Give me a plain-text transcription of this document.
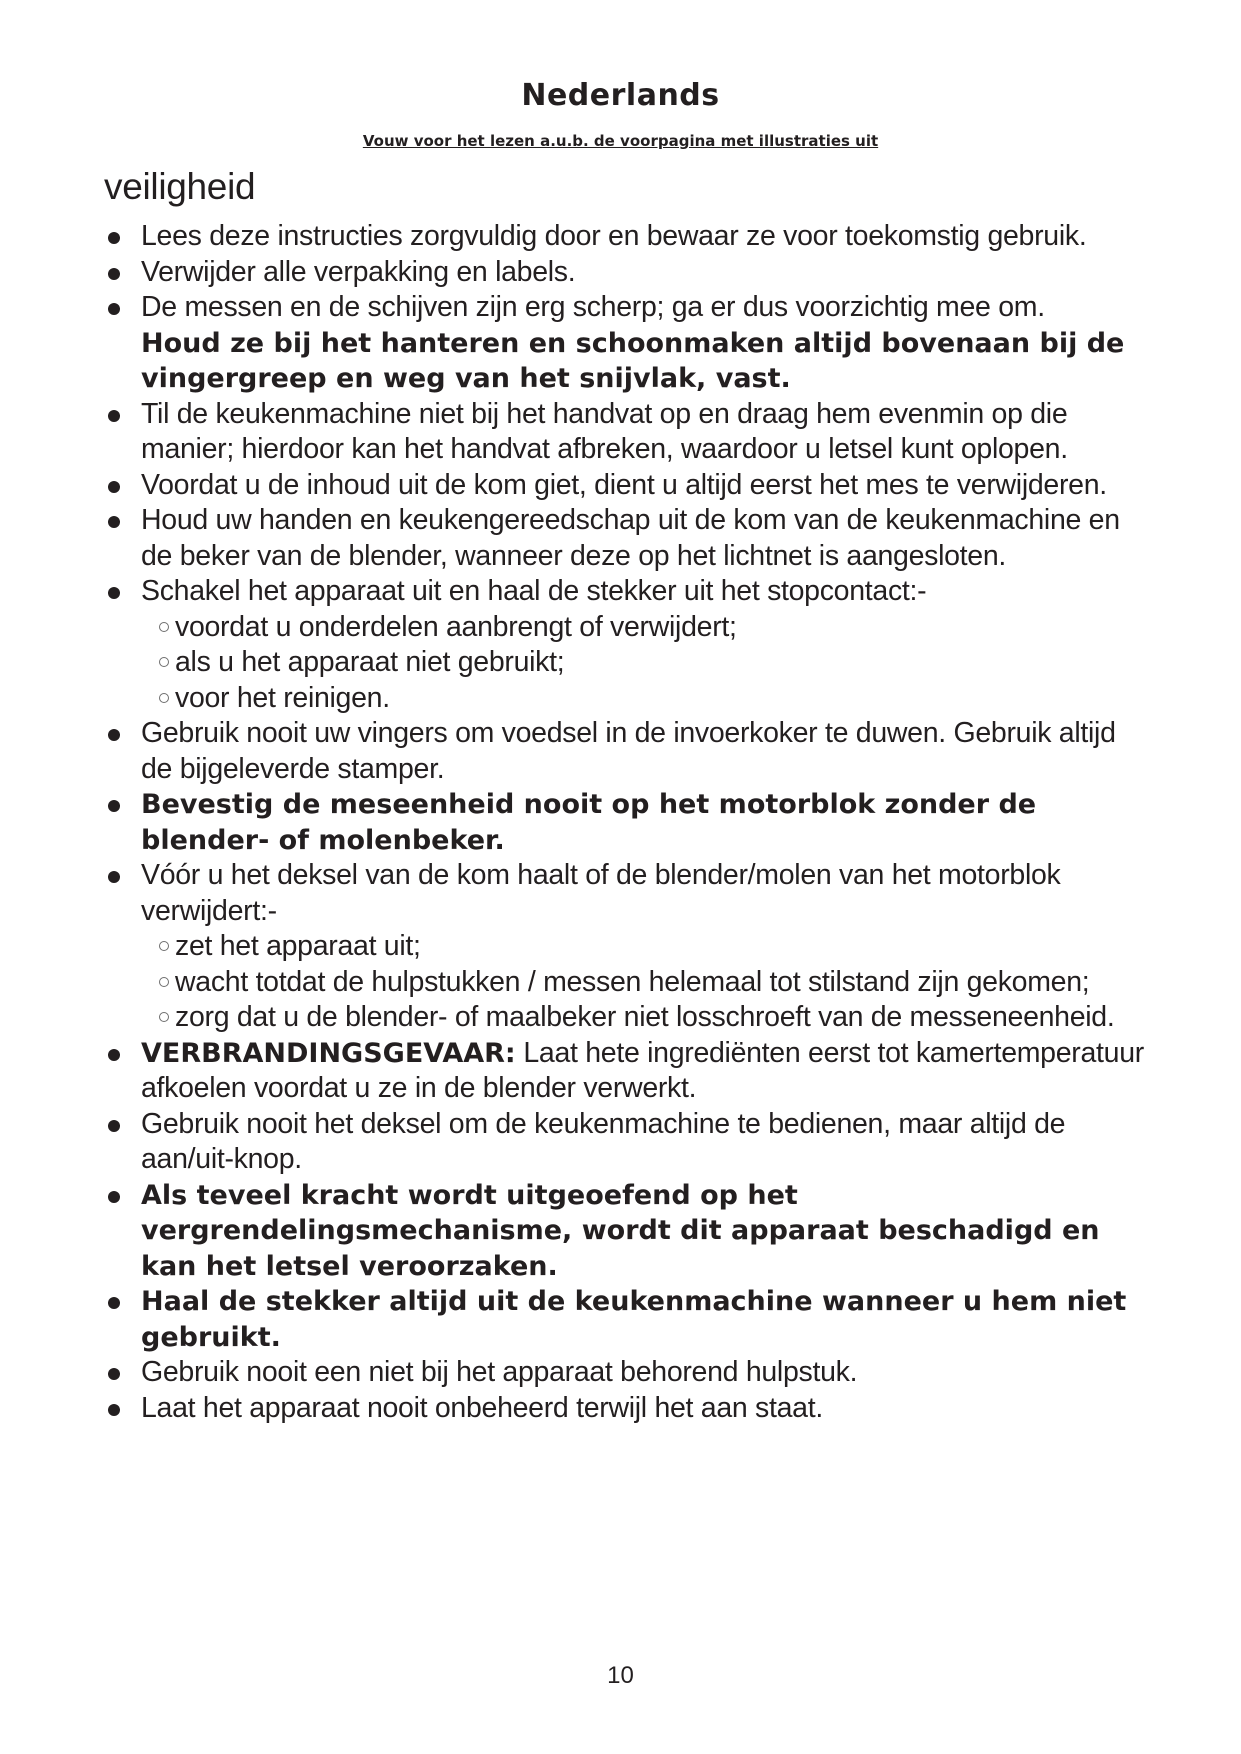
Nederlands
Vouw voor het lezen a.u.b. de voorpagina met illustraties uit
veiligheid
Lees deze instructies zorgvuldig door en bewaar ze voor toekomstig gebruik.
Verwijder alle verpakking en labels.
De messen en de schijven zijn erg scherp; ga er dus voorzichtig mee om.
Houd ze bij het hanteren en schoonmaken altijd bovenaan bij de vingergreep en weg van het snijvlak, vast.
Til de keukenmachine niet bij het handvat op en draag hem evenmin op die manier; hierdoor kan het handvat afbreken, waardoor u letsel kunt oplopen.
Voordat u de inhoud uit de kom giet, dient u altijd eerst het mes te verwijderen.
Houd uw handen en keukengereedschap uit de kom van de keukenmachine en de beker van de blender, wanneer deze op het lichtnet is aangesloten.
Schakel het apparaat uit en haal de stekker uit het stopcontact:-
voordat u onderdelen aanbrengt of verwijdert;
als u het apparaat niet gebruikt;
voor het reinigen.
Gebruik nooit uw vingers om voedsel in de invoerkoker te duwen. Gebruik altijd de bijgeleverde stamper.
Bevestig de meseenheid nooit op het motorblok zonder de blender- of molenbeker.
Vóór u het deksel van de kom haalt of de blender/molen van het motorblok verwijdert:-
zet het apparaat uit;
wacht totdat de hulpstukken / messen helemaal tot stilstand zijn gekomen;
zorg dat u de blender- of maalbeker niet losschroeft van de messeneenheid.
VERBRANDINGSGEVAAR: Laat hete ingrediënten eerst tot kamertemperatuur afkoelen voordat u ze in de blender verwerkt.
Gebruik nooit het deksel om de keukenmachine te bedienen, maar altijd de aan/uit-knop.
Als teveel kracht wordt uitgeoefend op het vergrendelingsmechanisme, wordt dit apparaat beschadigd en kan het letsel veroorzaken.
Haal de stekker altijd uit de keukenmachine wanneer u hem niet gebruikt.
Gebruik nooit een niet bij het apparaat behorend hulpstuk.
Laat het apparaat nooit onbeheerd terwijl het aan staat.
10
